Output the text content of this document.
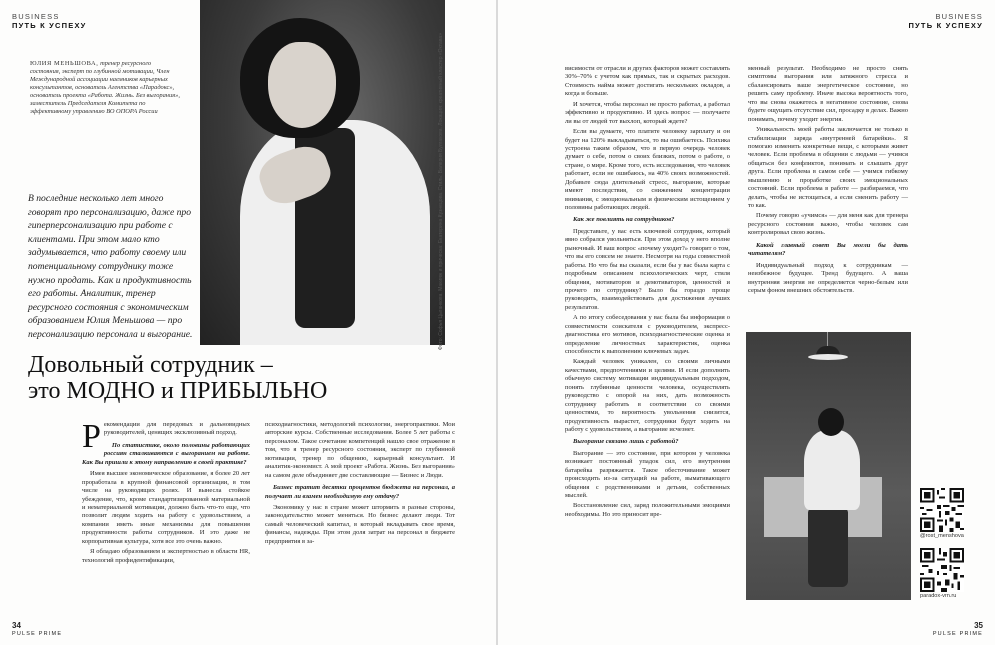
BUSINESS
ПУТЬ К УСПЕХУ
BUSINESS
ПУТЬ К УСПЕХУ
Фото: Софья Цыганкова. Макияж и прическа: Екатерина Кузнецова. Стиль: Валерия Булгакова. Локация: креативный кластер «Октава»
ЮЛИЯ МЕНЬШОВА, тренер ресурсного состояния, эксперт по глубинной мотивации, Член Международной ассоциации наемников карьерных консультантов, основатель Агентства «Парадокс», основатель проекта «Работа. Жизнь. Без выгорания», заместитель Председателя Комитета по эффективному управлению ВО ОПОРА России
В последние несколько лет много говорят про персонализацию, даже про гиперперсонализацию при работе с клиентами. При этом мало кто задумывается, что работу своему или потенциальному сотруднику тоже нужно продать. Как и продуктивность его работы. Аналитик, тренер ресурсного состояния с экономическим образованием Юлия Меньшова — про персонализацию персонала и выгорание.
Довольный сотрудник –
это МОДНО и ПРИБЫЛЬНО

Рекомендации для передовых и дальновидных руководителей, ценящих эксклюзивный подход.

По статистике, около половины работающих россиян сталкиваются с выгоранием на работе. Как Вы пришли к этому направлению в своей практике?

Имея высшее экономическое образование, я более 20 лет проработала в крупной финансовой организации, в том числе на руководящих ролях. И вынесла стойкое убеждение, что, кроме стандартизированной материальной и нематериальной мотивации, должно быть что-то еще, что позволит людям ходить на работу с удовольствием, а компании иметь иные механизмы для повышения продуктивности работы сотрудников. И это даже не корпоративная культура, хотя все это очень важно.

Я обладаю образованием и экспертностью в области HR, технологий профидентификации,

психодиагностики, методологий психологии, энергопрактики. Мои авторские курсы. Собственные исследования. Более 5 лет работы с персоналом. Такое сочетание компетенций нашло свое отражение в том, что я тренер ресурсного состояния, эксперт по глубинной мотивации, тренер по общению, карьерный консультант. И аналитик-экономист. А мой проект «Работа. Жизнь. Без выгорания» на самом деле объединяет две составляющие — Бизнес и Люди.

Бизнес тратит десятки процентов бюджета на персонал, а получает ли взамен необходимую ему отдачу?

Экономику у нас в стране может штормить в разные стороны, законодательство может меняться. Но бизнес делают люди. Тот самый человеческий капитал, в который вкладывать свое время, финансы, надежды. При этом доля затрат на персонал в бюджете предприятия в за-

висимости от отрасли и других факторов может составлять 30%–70% с учетом как прямых, так и скрытых расходов. Стоимость найма может достигать нескольких окладов, а когда и больше.

И хочется, чтобы персонал не просто работал, а работал эффективно и продуктивно. И здесь вопрос — получаете ли вы от людей тот выхлоп, который ждете?

Если вы думаете, что платите человеку зарплату и он будет на 120% выкладываться, то вы ошибаетесь. Психика устроена таким образом, что в первую очередь человек думает о себе, потом о своих близких, потом о работе, о стране, о мире. Кроме того, есть исследования, что человек работает, если не ошибаюсь, на 40% своих возможностей. Добавьте сюда длительный стресс, выгорание, которые имеют последствия, со снижением концентрации внимания, с эмоциональным и физическим истощением у половины работающих людей.

Как же повлиять на сотрудников?

Представьте, у вас есть ключевой сотрудник, который явно собрался увольняться. При этом доход у него вполне рыночный. И ваш вопрос «почему уходит?» говорит о том, что вы его совсем не знаете. Несмотря на годы совместной работы. Но что бы вы сказали, если бы у вас была карта с подробным описанием психологических черт, стиля общения, мотиваторов и демотиваторов, ценностей и прочего по сотруднику? Было бы гораздо проще руководить, взаимодействовать для достижения лучших результатов.

А по итогу собеседования у вас была бы информация о совместимости соискателя с руководителем, экспресс-диагностика его мотивов, психодиагностические оценка и определение личностных характеристик, оценка способности к выполнению ключевых задач.

Каждый человек уникален, со своими личными качествами, предпочтениями и целями. И если дополнить обычную систему мотивации индивидуальным подходом, понять глубинные ценности человека, осуществлять руководство с опорой на них, дать возможность сотруднику работать в соответствии со своими ценностями, то вероятность увольнения снизится, продуктивность вырастет, сотрудники будут ходить на работу с удовольствием, а выгорание исчезнет.

Выгорание связано лишь с работой?

Выгорание — это состояние, при котором у человека возникает постоянный упадок сил, его внутренняя батарейка разряжается. Такое обесточивание может происходить из-за ситуаций на работе, вымативающего общения с родственниками и детьми, собственных мыслей.

Восстановление сил, заряд положительными эмоциями необходимы. Но это приносит вре-

менный результат. Необходимо не просто снять симптомы выгорания или затяжного стресса и сбалансировать ваше энергетическое состояние, но решить саму проблему. Иначе высока вероятность того, что вы снова окажетесь в негативное состояние, снова будете ощущать отсутствие сил, просадку в делах. Важно понимать, почему уходит энергия.

Уникальность моей работы заключается не только в стабилизации заряда «внутренней батарейки». Я помогаю изменить конкретные вещи, с которыми живет человек. Если проблема в общении с людьми — учимся общаться без конфликтов, понимать и слышать друг друга. Если проблема в самом себе — учимся гибкому мышлению и проработке своих эмоциональных состояний. Если проблема в работе — разбираемся, что делать, чтобы не истощаться, а если сменить работу — то как.

Почему говорю «учимся» — для меня как для тренера ресурсного состояния важно, чтобы человек сам контролировал свою жизнь.

Какой главный совет Вы могли бы дать читателям?

Индивидуальный подход к сотрудникам — неизбежное будущее. Тренд будущего. А ваша внутренняя энергия не определяется черно-белым или серым фоном внешних обстоятельств.

@rost_menshova
paradox-vrn.ru
34
PULSE PRIME
35
PULSE PRIME
